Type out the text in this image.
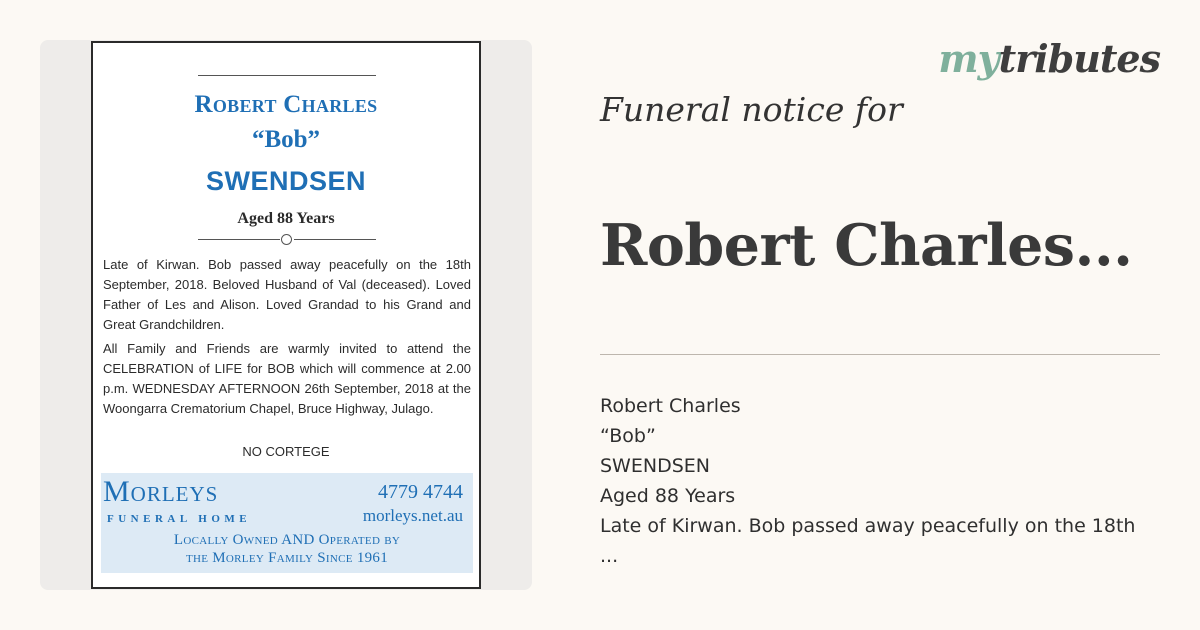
Robert Charles
“Bob”
SWENDSEN
Aged 88 Years
Late of Kirwan. Bob passed away peacefully on the 18th September, 2018. Beloved Husband of Val (deceased). Loved Father of Les and Alison. Loved Grandad to his Grand and Great Grandchildren.
All Family and Friends are warmly invited to attend the CELEBRATION of LIFE for BOB which will commence at 2.00 p.m. WEDNESDAY AFTERNOON 26th September, 2018 at the Woongarra Crematorium Chapel, Bruce Highway, Julago.
NO CORTEGE
Morleys
FUNERAL HOME
4779 4744
morleys.net.au
Locally Owned AND Operated by
the Morley Family Since 1961
mytributes
Funeral notice for
Robert Charles...
Robert Charles
“Bob”
SWENDSEN
Aged 88 Years
Late of Kirwan. Bob passed away peacefully on the 18th
...
